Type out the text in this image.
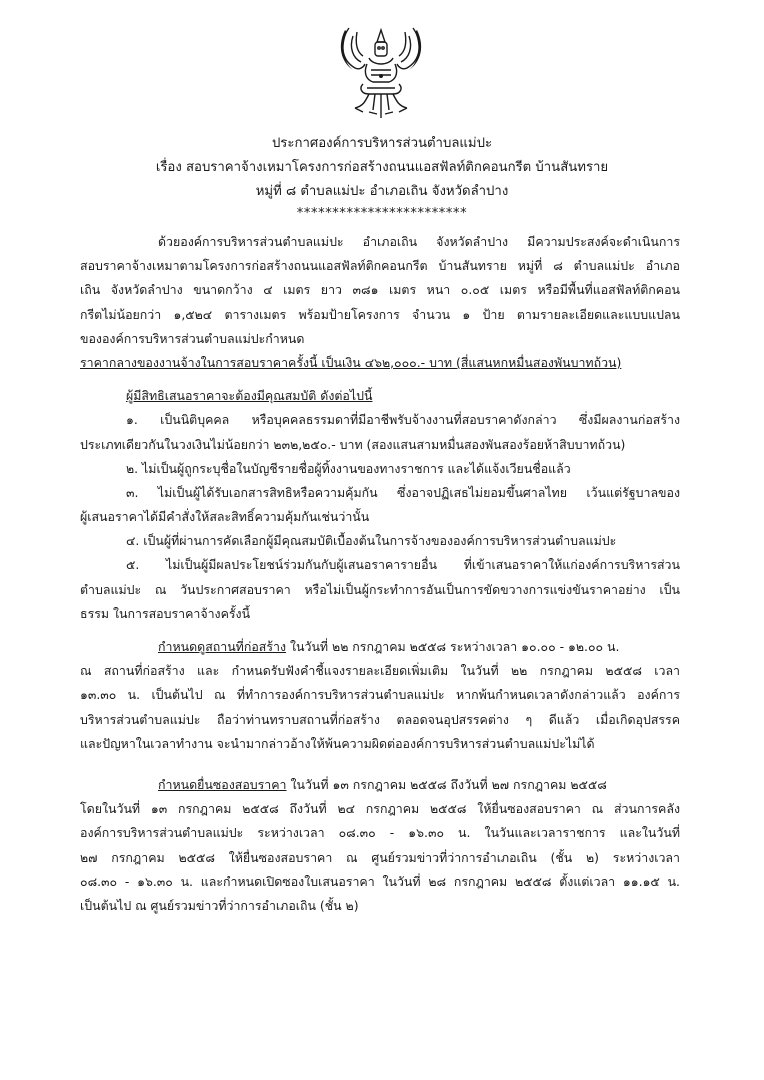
ประกาศองค์การบริหารส่วนตำบลแม่ปะ
เรื่อง สอบราคาจ้างเหมาโครงการก่อสร้างถนนแอสฟัลท์ติกคอนกรีต บ้านสันทราย
หมู่ที่ ๘ ตำบลแม่ปะ อำเภอเถิน จังหวัดลำปาง
************************
ด้วยองค์การบริหารส่วนตำบลแม่ปะ อำเภอเถิน จังหวัดลำปาง มีความประสงค์จะดำเนินการ
สอบราคาจ้างเหมาตามโครงการก่อสร้างถนนแอสฟัลท์ติกคอนกรีต บ้านสันทราย หมู่ที่ ๘ ตำบลแม่ปะ อำเภอ
เถิน จังหวัดลำปาง ขนาดกว้าง ๔ เมตร ยาว ๓๘๑ เมตร หนา ๐.๐๕ เมตร หรือมีพื้นที่แอสฟัลท์ติกคอน
กรีตไม่น้อยกว่า ๑,๕๒๔ ตารางเมตร พร้อมป้ายโครงการ จำนวน ๑ ป้าย ตามรายละเอียดและแบบแปลน
ขององค์การบริหารส่วนตำบลแม่ปะกำหนด
ราคากลางของงานจ้างในการสอบราคาครั้งนี้ เป็นเงิน ๔๖๒,๐๐๐.- บาท (สี่แสนหกหมื่นสองพันบาทถ้วน)
ผู้มีสิทธิเสนอราคาจะต้องมีคุณสมบัติ ดังต่อไปนี้
๑. เป็นนิติบุคคล หรือบุคคลธรรมดาที่มีอาชีพรับจ้างงานที่สอบราคาดังกล่าว ซึ่งมีผลงานก่อสร้าง
ประเภทเดียวกันในวงเงินไม่น้อยกว่า ๒๓๒,๒๕๐.- บาท (สองแสนสามหมื่นสองพันสองร้อยห้าสิบบาทถ้วน)
๒. ไม่เป็นผู้ถูกระบุชื่อในบัญชีรายชื่อผู้ทิ้งงานของทางราชการ และได้แจ้งเวียนชื่อแล้ว
๓. ไม่เป็นผู้ได้รับเอกสารสิทธิหรือความคุ้มกัน ซึ่งอาจปฏิเสธไม่ยอมขึ้นศาลไทย เว้นแต่รัฐบาลของ
ผู้เสนอราคาได้มีคำสั่งให้สละสิทธิ์ความคุ้มกันเช่นว่านั้น
๔. เป็นผู้ที่ผ่านการคัดเลือกผู้มีคุณสมบัติเบื้องต้นในการจ้างขององค์การบริหารส่วนตำบลแม่ปะ
๕. ไม่เป็นผู้มีผลประโยชน์ร่วมกันกับผู้เสนอราคารายอื่น ที่เข้าเสนอราคาให้แก่องค์การบริหารส่วน
ตำบลแม่ปะ ณ วันประกาศสอบราคา หรือไม่เป็นผู้กระทำการอันเป็นการขัดขวางการแข่งขันราคาอย่าง เป็น
ธรรม ในการสอบราคาจ้างครั้งนี้
กำหนดดูสถานที่ก่อสร้าง ในวันที่ ๒๒ กรกฎาคม ๒๕๕๘ ระหว่างเวลา ๑๐.๐๐ - ๑๒.๐๐ น.
ณ สถานที่ก่อสร้าง และ กำหนดรับฟังคำชี้แจงรายละเอียดเพิ่มเติม ในวันที่ ๒๒ กรกฎาคม ๒๕๕๘ เวลา
๑๓.๓๐ น. เป็นต้นไป ณ ที่ทำการองค์การบริหารส่วนตำบลแม่ปะ หากพ้นกำหนดเวลาดังกล่าวแล้ว องค์การ
บริหารส่วนตำบลแม่ปะ ถือว่าท่านทราบสถานที่ก่อสร้าง ตลอดจนอุปสรรคต่าง ๆ ดีแล้ว เมื่อเกิดอุปสรรค
และปัญหาในเวลาทำงาน จะนำมากล่าวอ้างให้พ้นความผิดต่อองค์การบริหารส่วนตำบลแม่ปะไม่ได้
กำหนดยื่นซองสอบราคา ในวันที่ ๑๓ กรกฎาคม ๒๕๕๘ ถึงวันที่ ๒๗ กรกฎาคม ๒๕๕๘
โดยในวันที่ ๑๓ กรกฎาคม ๒๕๕๘ ถึงวันที่ ๒๔ กรกฎาคม ๒๕๕๘ ให้ยื่นซองสอบราคา ณ ส่วนการคลัง
องค์การบริหารส่วนตำบลแม่ปะ ระหว่างเวลา ๐๘.๓๐ - ๑๖.๓๐ น. ในวันและเวลาราชการ และในวันที่
๒๗ กรกฎาคม ๒๕๕๘ ให้ยื่นซองสอบราคา ณ ศูนย์รวมข่าวที่ว่าการอำเภอเถิน (ชั้น ๒) ระหว่างเวลา
๐๘.๓๐ - ๑๖.๓๐ น. และกำหนดเปิดซองใบเสนอราคา ในวันที่ ๒๘ กรกฎาคม ๒๕๕๘ ตั้งแต่เวลา ๑๑.๑๕ น.
เป็นต้นไป ณ ศูนย์รวมข่าวที่ว่าการอำเภอเถิน (ชั้น ๒)
